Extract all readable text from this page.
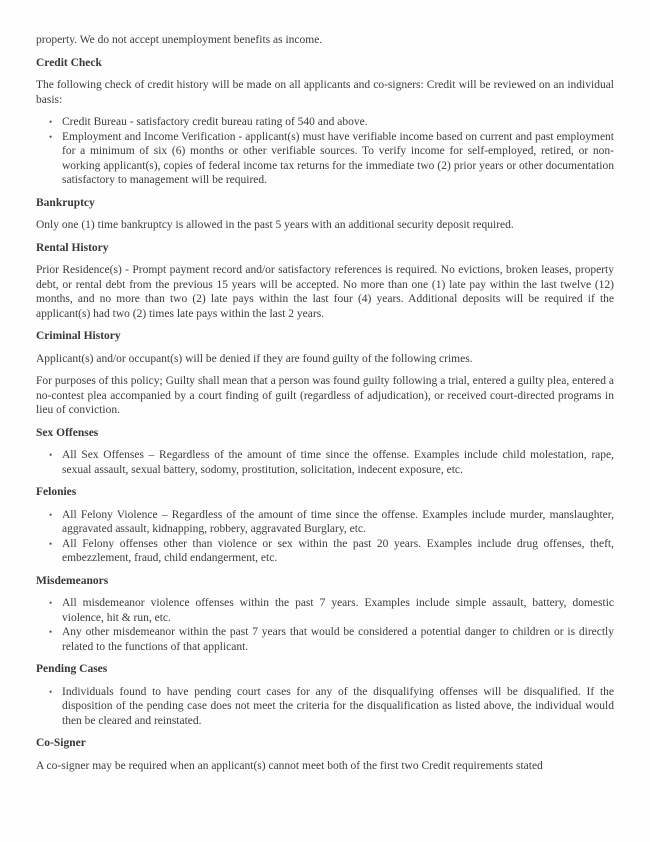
property. We do not accept unemployment benefits as income.

Credit Check

The following check of credit history will be made on all applicants and co-signers: Credit will be reviewed on an individual basis:

• Credit Bureau - satisfactory credit bureau rating of 540 and above.
• Employment and Income Verification - applicant(s) must have verifiable income based on current and past employment for a minimum of six (6) months or other verifiable sources. To verify income for self-employed, retired, or non-working applicant(s), copies of federal income tax returns for the immediate two (2) prior years or other documentation satisfactory to management will be required.
Bankruptcy

Only one (1) time bankruptcy is allowed in the past 5 years with an additional security deposit required.

Rental History

Prior Residence(s) - Prompt payment record and/or satisfactory references is required. No evictions, broken leases, property debt, or rental debt from the previous 15 years will be accepted. No more than one (1) late pay within the last twelve (12) months, and no more than two (2) late pays within the last four (4) years. Additional deposits will be required if the applicant(s) had two (2) times late pays within the last 2 years.

Criminal History

Applicant(s) and/or occupant(s) will be denied if they are found guilty of the following crimes.

For purposes of this policy; Guilty shall mean that a person was found guilty following a trial, entered a guilty plea, entered a no-contest plea accompanied by a court finding of guilt (regardless of adjudication), or received court-directed programs in lieu of conviction.

Sex Offenses
• All Sex Offenses – Regardless of the amount of time since the offense. Examples include child molestation, rape, sexual assault, sexual battery, sodomy, prostitution, solicitation, indecent exposure, etc.
Felonies
• All Felony Violence – Regardless of the amount of time since the offense. Examples include murder, manslaughter, aggravated assault, kidnapping, robbery, aggravated Burglary, etc.
• All Felony offenses other than violence or sex within the past 20 years. Examples include drug offenses, theft, embezzlement, fraud, child endangerment, etc.
Misdemeanors
• All misdemeanor violence offenses within the past 7 years. Examples include simple assault, battery, domestic violence, hit & run, etc.
• Any other misdemeanor within the past 7 years that would be considered a potential danger to children or is directly related to the functions of that applicant.
Pending Cases
• Individuals found to have pending court cases for any of the disqualifying offenses will be disqualified. If the disposition of the pending case does not meet the criteria for the disqualification as listed above, the individual would then be cleared and reinstated.
Co-Signer

A co-signer may be required when an applicant(s) cannot meet both of the first two Credit requirements stated
